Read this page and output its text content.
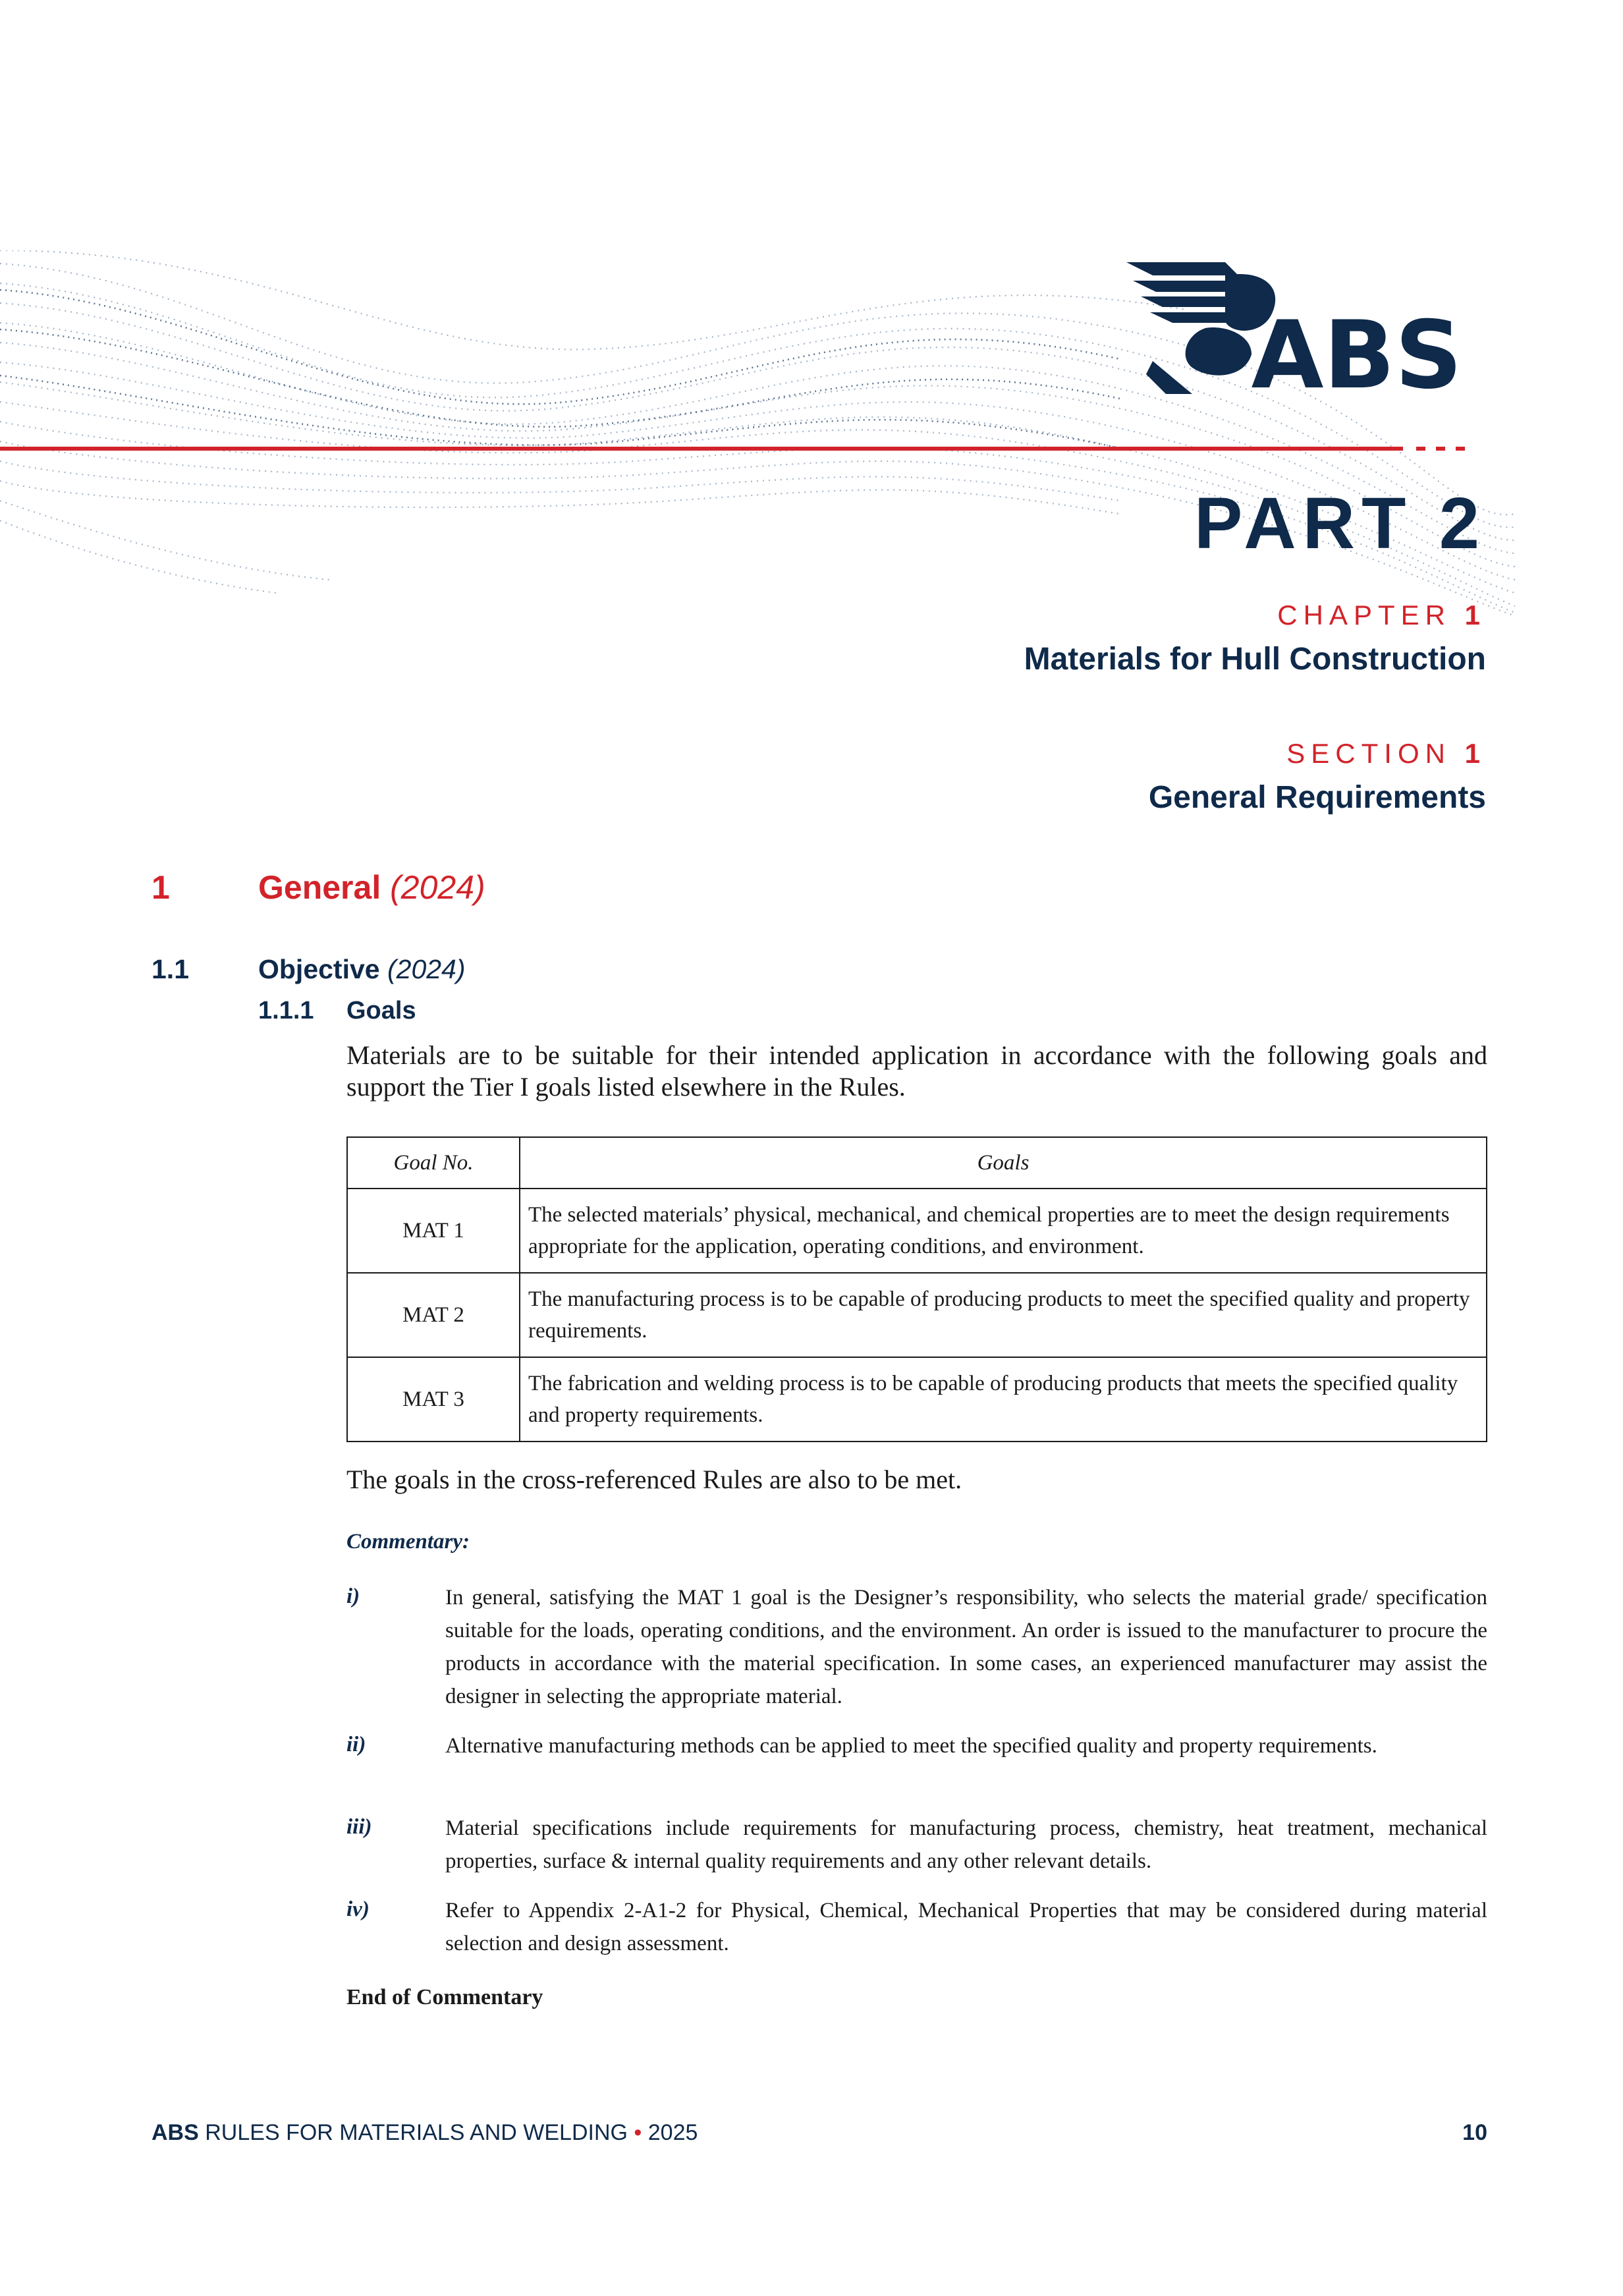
ABS
PART 2
CHAPTER 1
Materials for Hull Construction
SECTION 1
General Requirements
1	General (2024)
1.1	Objective (2024)
1.1.1 Goals
Materials are to be suitable for their intended application in accordance with the following goals and support the Tier I goals listed elsewhere in the Rules.
Goal No.	Goals
MAT 1	The selected materials’ physical, mechanical, and chemical properties are to meet the design requirements appropriate for the application, operating conditions, and environment.
MAT 2	The manufacturing process is to be capable of producing products to meet the specified quality and property requirements.
MAT 3	The fabrication and welding process is to be capable of producing products that meets the specified quality and property requirements.
The goals in the cross-referenced Rules are also to be met.
Commentary:
i)	In general, satisfying the MAT 1 goal is the Designer’s responsibility, who selects the material grade/ specification suitable for the loads, operating conditions, and the environment. An order is issued to the manufacturer to procure the products in accordance with the material specification. In some cases, an experienced manufacturer may assist the designer in selecting the appropriate material.
ii)	Alternative manufacturing methods can be applied to meet the specified quality and property requirements.
iii)	Material specifications include requirements for manufacturing process, chemistry, heat treatment, mechanical properties, surface & internal quality requirements and any other relevant details.
iv)	Refer to Appendix 2-A1-2 for Physical, Chemical, Mechanical Properties that may be considered during material selection and design assessment.
End of Commentary
ABS RULES FOR MATERIALS AND WELDING • 2025	10
